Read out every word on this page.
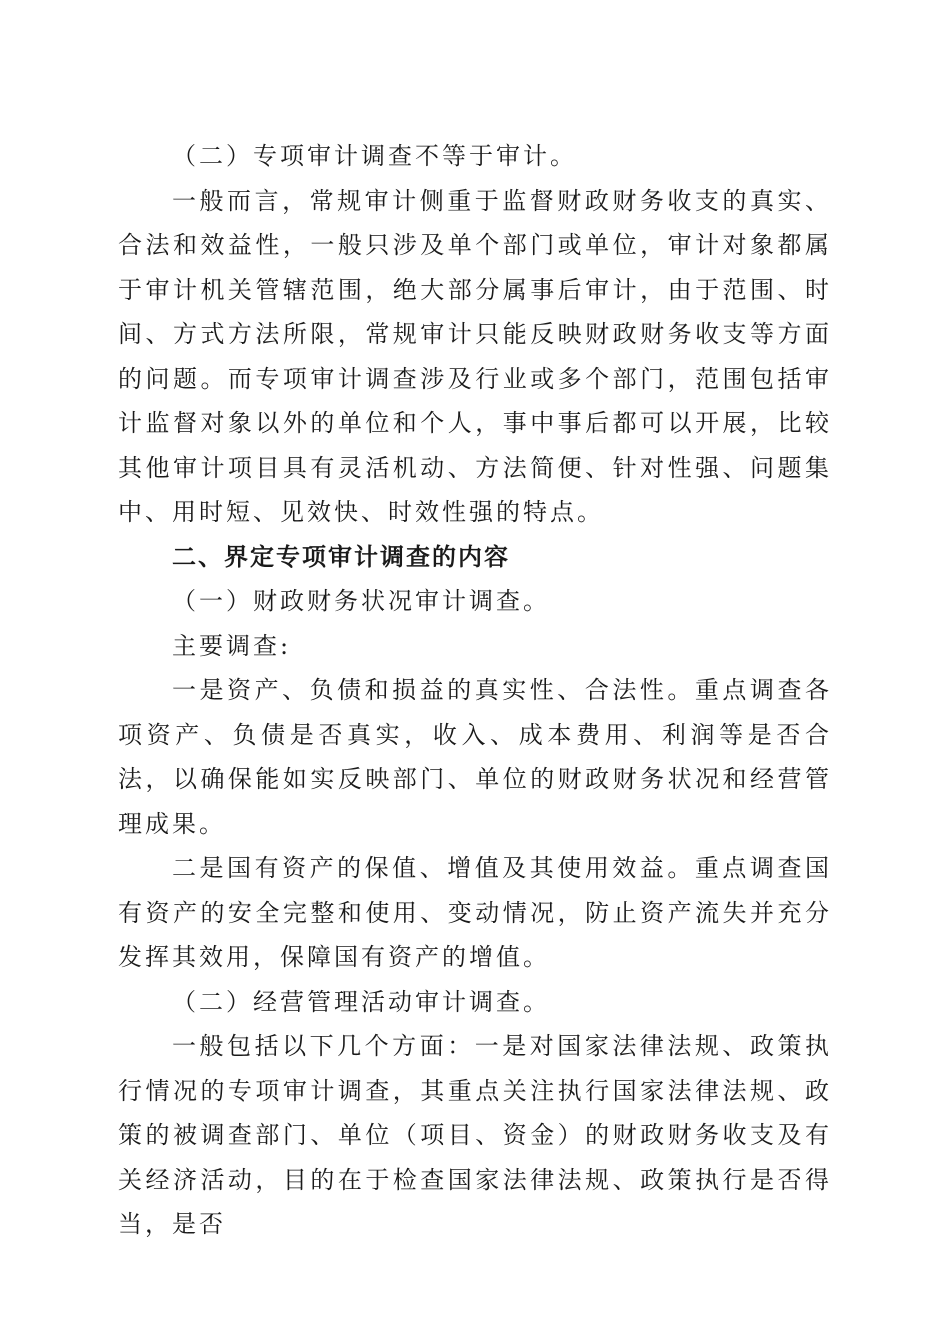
（二）专项审计调查不等于审计。

一般而言，常规审计侧重于监督财政财务收支的真实、合法和效益性，一般只涉及单个部门或单位，审计对象都属于审计机关管辖范围，绝大部分属事后审计，由于范围、时间、方式方法所限，常规审计只能反映财政财务收支等方面的问题。而专项审计调查涉及行业或多个部门，范围包括审计监督对象以外的单位和个人，事中事后都可以开展，比较其他审计项目具有灵活机动、方法简便、针对性强、问题集中、用时短、见效快、时效性强的特点。

二、界定专项审计调查的内容

（一）财政财务状况审计调查。

主要调查:

一是资产、负债和损益的真实性、合法性。重点调查各项资产、负债是否真实，收入、成本费用、利润等是否合法，以确保能如实反映部门、单位的财政财务状况和经营管理成果。

二是国有资产的保值、增值及其使用效益。重点调查国有资产的安全完整和使用、变动情况，防止资产流失并充分发挥其效用，保障国有资产的增值。

（二）经营管理活动审计调查。

一般包括以下几个方面：一是对国家法律法规、政策执行情况的专项审计调查，其重点关注执行国家法律法规、政策的被调查部门、单位（项目、资金）的财政财务收支及有关经济活动，目的在于检查国家法律法规、政策执行是否得当，是否
